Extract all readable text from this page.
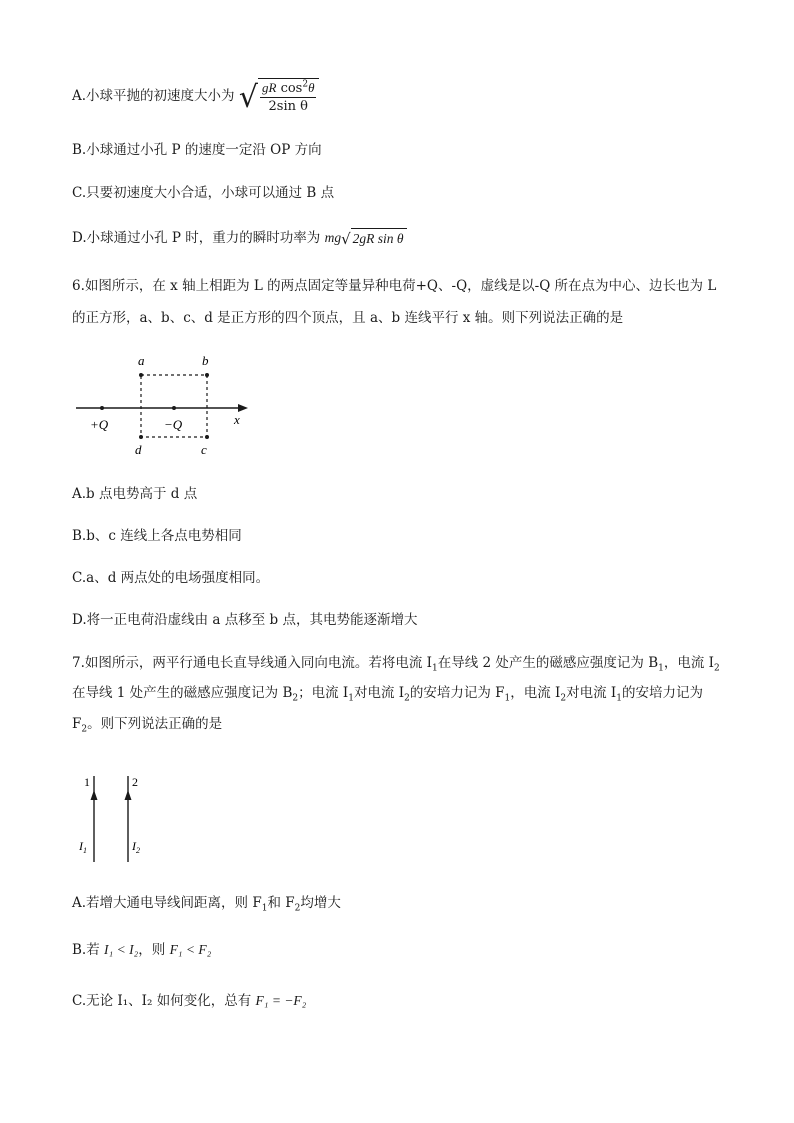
A.小球平抛的初速度大小为 √ $\frac{gR \cos^2\theta}{\text{2sin θ}}$
B.小球通过小孔 P 的速度一定沿 OP 方向
C.只要初速度大小合适，小球可以通过 B 点
D.小球通过小孔 P 时，重力的瞬时功率为 mg √ 2gR sin θ
6.如图所示，在 x 轴上相距为 L 的两点固定等量异种电荷+Q、-Q，虚线是以-Q 所在点为中心、边长也为 L
的正方形，a、b、c、d 是正方形的四个顶点，且 a、b 连线平行 x 轴。则下列说法正确的是
a	b
c
d
+Q	−Q	x
A.b 点电势高于 d 点
B.b、c 连线上各点电势相同
C.a、d 两点处的电场强度相同。
D.将一正电荷沿虚线由 a 点移至 b 点，其电势能逐渐增大
7.如图所示，两平行通电长直导线通入同向电流。若将电流 $I_1$在导线 2 处产生的磁感应强度记为 $B_1$，电流 $I_2$
在导线 1 处产生的磁感应强度记为 $B_2$；电流 $I_1$对电流 $I_2$的安培力记为 $F_1$，电流 $I_2$对电流 $I_1$的安培力记为
$F_2$。则下列说法正确的是
1	2
$I_1$	$I_2$
A.若增大通电导线间距离，则 $F_1$和 $F_2$均增大
B.若 I₁ < I₂，则 F₁ < F₂
C.无论 I₁、I₂ 如何变化，总有 F₁ = −F₂
